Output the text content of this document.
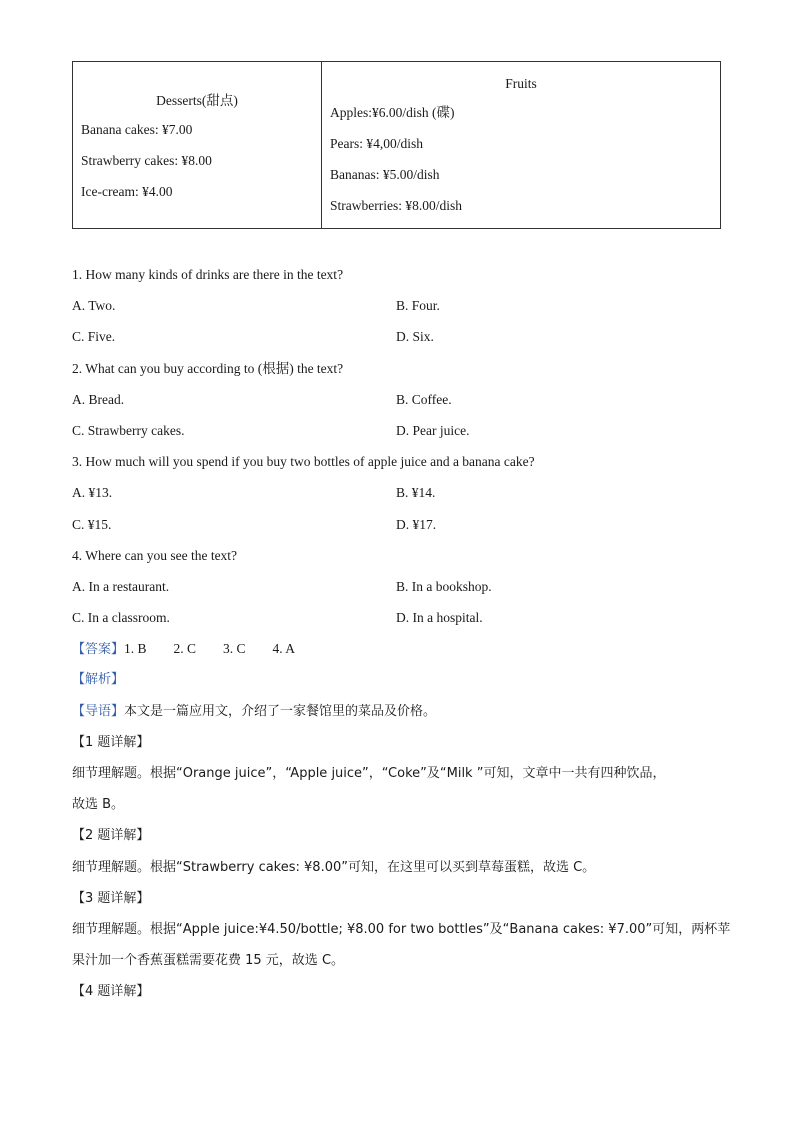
Desserts(甜点)
Banana cakes: ¥7.00
Strawberry cakes: ¥8.00
Ice-cream: ¥4.00

Fruits
Apples:¥6.00/dish (碟)
Pears: ¥4,00/dish
Bananas: ¥5.00/dish
Strawberries: ¥8.00/dish
1. How many kinds of drinks are there in the text?
A. Two.	B. Four.
C. Five.	D. Six.
2. What can you buy according to (根据) the text?
A. Bread.	B. Coffee.
C. Strawberry cakes.	D. Pear juice.
3. How much will you spend if you buy two bottles of apple juice and a banana cake?
A. ¥13.	B. ¥14.
C. ¥15.	D. ¥17.
4. Where can you see the text?
A. In a restaurant.	B. In a bookshop.
C. In a classroom.	D. In a hospital.
【答案】1. B        2. C        3. C        4. A
【解析】
【导语】本文是一篇应用文，介绍了一家餐馆里的菜品及价格。
【1 题详解】
细节理解题。根据“Orange juice”，“Apple juice”，“Coke”及“Milk ”可知，文章中一共有四种饮品，
故选 B。
【2 题详解】
细节理解题。根据“Strawberry cakes: ¥8.00”可知，在这里可以买到草莓蛋糕，故选 C。
【3 题详解】
细节理解题。根据“Apple juice:¥4.50/bottle; ¥8.00 for two bottles”及“Banana cakes: ¥7.00”可知，两杯苹
果汁加一个香蕉蛋糕需要花费 15 元，故选 C。
【4 题详解】
